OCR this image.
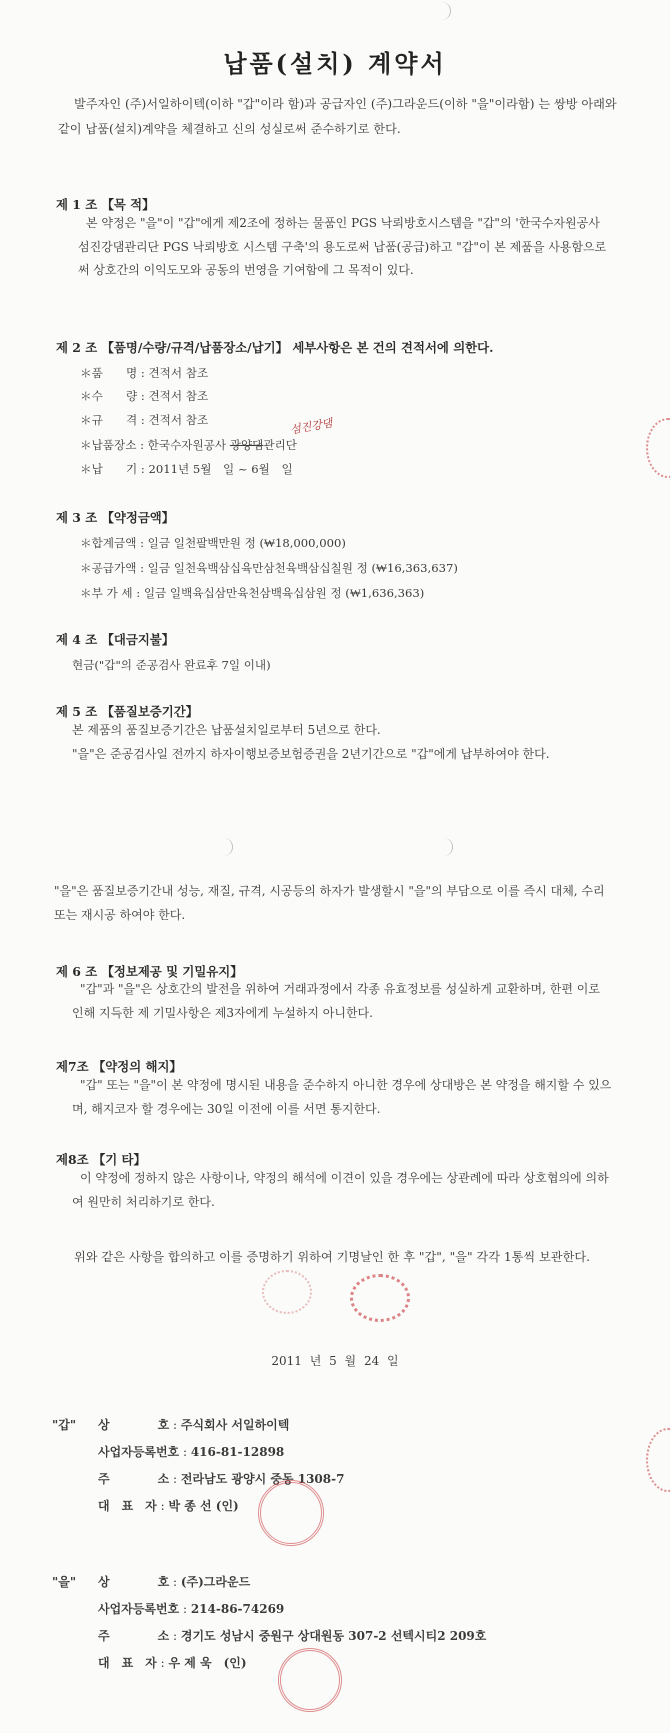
납품(설치) 계약서
발주자인 (주)서일하이텍(이하 "갑"이라 함)과 공급자인 (주)그라운드(이하 "을"이라함) 는 쌍방 아래와 같이 납품(설치)계약을 체결하고 신의 성실로써 준수하기로 한다.
제 1 조 【목 적】
본 약정은 "을"이 "갑"에게 제2조에 정하는 물품인 PGS 낙뢰방호시스템을 "갑"의 '한국수자원공사 섬진강댐관리단 PGS 낙뢰방호 시스템 구축'의 용도로써 납품(공급)하고 "갑"이 본 제품을 사용함으로써 상호간의 이익도모와 공동의 번영을 기여함에 그 목적이 있다.
제 2 조 【품명/수량/규격/납품장소/납기】 세부사항은 본 건의 견적서에 의한다.
＊품　　명 : 견적서 참조
＊수　　량 : 견적서 참조
＊규　　격 : 견적서 참조
＊납품장소 : 한국수자원공사 광양댐관리단
섬진강댐
＊납　　기 : 2011년 5월　일 ~ 6월　일
제 3 조 【약정금액】
＊합계금액 : 일금 일천팔백만원 정 (₩18,000,000)
＊공급가액 : 일금 일천육백삼십육만삼천육백삼십칠원 정 (₩16,363,637)
＊부 가 세 : 일금 일백육십삼만육천삼백육십삼원 정 (₩1,636,363)
제 4 조 【대금지불】
현금("갑"의 준공검사 완료후 7일 이내)
제 5 조 【품질보증기간】
본 제품의 품질보증기간은 납품설치일로부터 5년으로 한다.
"을"은 준공검사일 전까지 하자이행보증보험증권을 2년기간으로 "갑"에게 납부하여야 한다.
"을"은 품질보증기간내 성능, 재질, 규격, 시공등의 하자가 발생할시 "을"의 부담으로 이를 즉시 대체, 수리 또는 재시공 하여야 한다.
제 6 조 【정보제공 및 기밀유지】
"갑"과 "을"은 상호간의 발전을 위하여 거래과정에서 각종 유효정보를 성실하게 교환하며, 한편 이로 인해 지득한 제 기밀사항은 제3자에게 누설하지 아니한다.
제7조 【약정의 해지】
"갑" 또는 "을"이 본 약정에 명시된 내용을 준수하지 아니한 경우에 상대방은 본 약정을 해지할 수 있으며, 해지코자 할 경우에는 30일 이전에 이를 서면 통지한다.
제8조 【기 타】
이 약정에 정하지 않은 사항이나, 약정의 해석에 이견이 있을 경우에는 상관례에 따라 상호협의에 의하여 원만히 처리하기로 한다.
위와 같은 사항을 합의하고 이를 증명하기 위하여 기명날인 한 후 "갑", "을" 각각 1통씩 보관한다.
2011 년 5 월 24 일
"갑" 상　　　　호 : 주식회사 서일하이텍
사업자등록번호 : 416-81-12898
주　　　　소 : 전라남도 광양시 중동 1308-7
대　표　자 : 박 종 선 (인)
"을" 상　　　　호 : (주)그라운드
사업자등록번호 : 214-86-74269
주　　　　소 : 경기도 성남시 중원구 상대원동 307-2 선텍시티2 209호
대　표　자 : 우 제 욱　(인)
